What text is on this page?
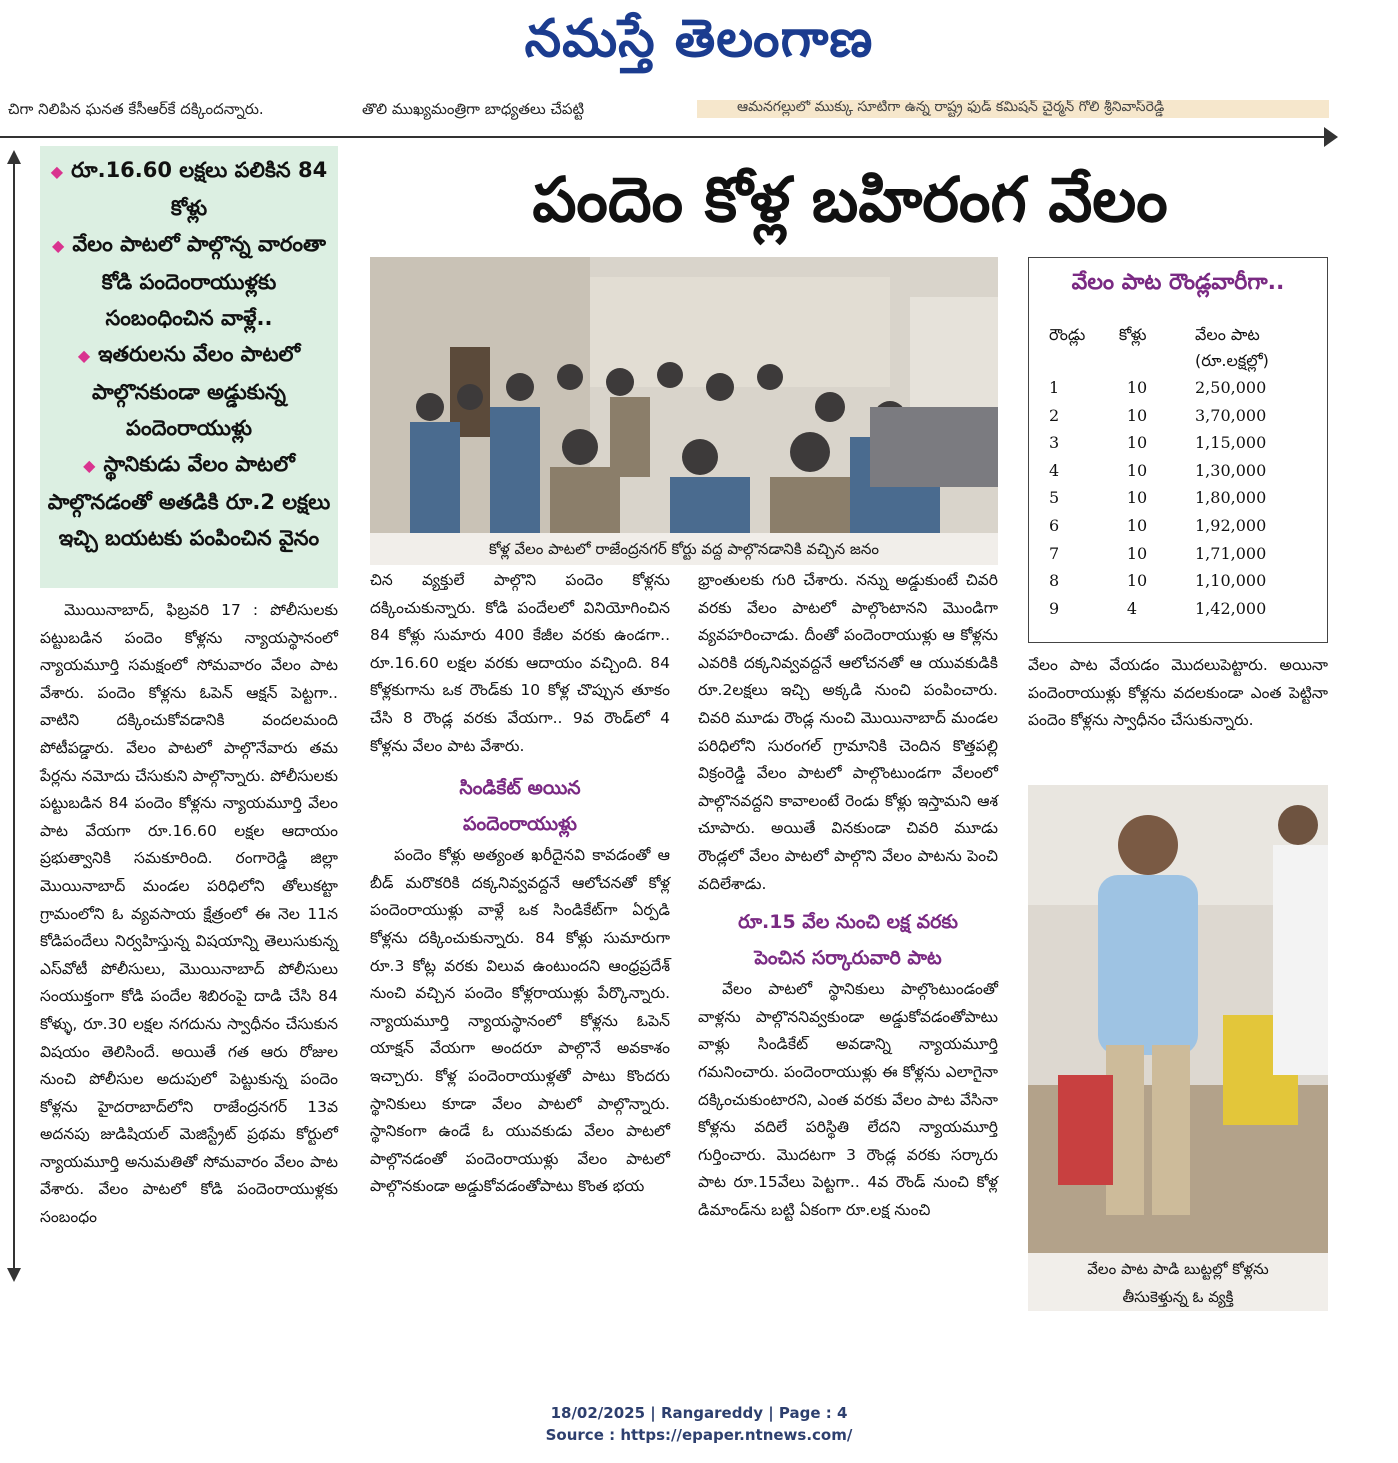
నమస్తే తెలంగాణ
చిగా నిలిపిన ఘనత కేసీఆర్‌కే దక్కిందన్నారు.	తొలి ముఖ్యమంత్రిగా బాధ్యతలు చేపట్టి	ఆమనగల్లులో ముక్కు సూటిగా ఉన్న రాష్ట్ర ఫుడ్ కమిషన్ చైర్మన్ గోలి శ్రీనివాస్‌రెడ్డి
◆ రూ.16.60 లక్షలు పలికిన 84 కోళ్లు
◆ వేలం పాటలో పాల్గొన్న వారంతా కోడి పందెంరాయుళ్లకు సంబంధించిన వాళ్లే..
◆ ఇతరులను వేలం పాటలో పాల్గొనకుండా అడ్డుకున్న పందెంరాయుళ్లు
◆ స్థానికుడు వేలం పాటలో పాల్గొనడంతో అతడికి రూ.2 లక్షలు ఇచ్చి బయటకు పంపించిన వైనం
పందెం కోళ్ల బహిరంగ వేలం
కోళ్ల వేలం పాటలో రాజేంద్రనగర్ కోర్టు వద్ద పాల్గొనడానికి వచ్చిన జనం

మొయినాబాద్, ఫిబ్రవరి 17 : పోలీసులకు పట్టుబడిన పందెం కోళ్లను న్యాయస్థానంలో న్యాయమూర్తి సమక్షంలో సోమవారం వేలం పాట వేశారు. పందెం కోళ్లను ఓపెన్ ఆక్షన్ పెట్టగా.. వాటిని దక్కించుకోవడానికి వందలమంది పోటీపడ్డారు. వేలం పాటలో పాల్గొనేవారు తమ పేర్లను నమోదు చేసుకుని పాల్గొన్నారు. పోలీసులకు పట్టుబడిన 84 పందెం కోళ్లను న్యాయమూర్తి వేలం పాట వేయగా రూ.16.60 లక్షల ఆదాయం ప్రభుత్వానికి సమకూరింది. రంగారెడ్డి జిల్లా మొయినాబాద్ మండల పరిధిలోని తోలుకట్టా గ్రామంలోని ఓ వ్యవసాయ క్షేత్రంలో ఈ నెల 11న కోడిపందేలు నిర్వహిస్తున్న విషయాన్ని తెలుసుకున్న ఎస్‌వోటీ పోలీసులు, మొయినాబాద్ పోలీసులు సంయుక్తంగా కోడి పందేల శిబిరంపై దాడి చేసి 84 కోళ్ళు, రూ.30 లక్షల నగదును స్వాధీనం చేసుకున విషయం తెలిసిందే. అయితే గత ఆరు రోజుల నుంచి పోలీసుల అదుపులో పెట్టుకున్న పందెం కోళ్లను హైదరాబాద్‌లోని రాజేంద్రనగర్ 13వ అదనపు జుడిషియల్ మెజిస్ట్రేట్ ప్రథమ కోర్టులో న్యాయమూర్తి అనుమతితో సోమవారం వేలం పాట వేశారు. వేలం పాటలో కోడి పందెంరాయుళ్లకు సంబంధం

చిన వ్యక్తులే పాల్గొని పందెం కోళ్లను దక్కించుకున్నారు. కోడి పందేలలో వినియోగించిన 84 కోళ్లు సుమారు 400 కేజీల వరకు ఉండగా.. రూ.16.60 లక్షల వరకు ఆదాయం వచ్చింది. 84 కోళ్లకుగాను ఒక రౌండ్‌కు 10 కోళ్ల చొప్పున తూకం చేసి 8 రౌండ్ల వరకు వేయగా.. 9వ రౌండ్‌లో 4 కోళ్లను వేలం పాట వేశారు.

సిండికేట్ అయిన
పందెంరాయుళ్లు

పందెం కోళ్లు అత్యంత ఖరీదైనవి కావడంతో ఆ బీడ్ మరొకరికి దక్కనివ్వవద్దనే ఆలోచనతో కోళ్ల పందెంరాయుళ్లు వాళ్లే ఒక సిండికేట్‌గా ఏర్పడి కోళ్లను దక్కించుకున్నారు. 84 కోళ్లు సుమారుగా రూ.3 కోట్ల వరకు విలువ ఉంటుందని ఆంధ్రప్రదేశ్ నుంచి వచ్చిన పందెం కోళ్లరాయుళ్లు పేర్కొన్నారు. న్యాయమూర్తి న్యాయస్థానంలో కోళ్లను ఓపెన్ యాక్షన్ వేయగా అందరూ పాల్గొనే అవకాశం ఇచ్చారు. కోళ్ల పందెంరాయుళ్లతో పాటు కొందరు స్థానికులు కూడా వేలం పాటలో పాల్గొన్నారు. స్థానికంగా ఉండే ఓ యువకుడు వేలం పాటలో పాల్గొనడంతో పందెంరాయుళ్లు వేలం పాటలో పాల్గొనకుండా అడ్డుకోవడంతోపాటు కొంత భయ

భ్రాంతులకు గురి చేశారు. నన్ను అడ్డుకుంటే చివరి వరకు వేలం పాటలో పాల్గొంటానని మొండిగా వ్యవహరించాడు. దీంతో పందెంరాయుళ్లు ఆ కోళ్లను ఎవరికి దక్కనివ్వవద్దనే ఆలోచనతో ఆ యువకుడికి రూ.2లక్షలు ఇచ్చి అక్కడి నుంచి పంపించారు. చివరి మూడు రౌండ్ల నుంచి మొయినాబాద్ మండల పరిధిలోని సురంగల్ గ్రామానికి చెందిన కొత్తపల్లి విక్రంరెడ్డి వేలం పాటలో పాల్గొంటుండగా వేలంలో పాల్గొనవద్దని కావాలంటే రెండు కోళ్లు ఇస్తామని ఆశ చూపారు. అయితే వినకుండా చివరి మూడు రౌండ్లలో వేలం పాటలో పాల్గొని వేలం పాటను పెంచి వదిలేశాడు.

రూ.15 వేల నుంచి లక్ష వరకు
పెంచిన సర్కారువారి పాట

వేలం పాటలో స్థానికులు పాల్గొంటుండంతో వాళ్లను పాల్గొననివ్వకుండా అడ్డుకోవడంతోపాటు వాళ్లు సిండికేట్ అవడాన్ని న్యాయమూర్తి గమనించారు. పందెంరాయుళ్లు ఈ కోళ్లను ఎలాగైనా దక్కించుకుంటారని, ఎంత వరకు వేలం పాట వేసినా కోళ్లను వదిలే పరిస్థితి లేదని న్యాయమూర్తి గుర్తించారు. మొదటగా 3 రౌండ్ల వరకు సర్కారు పాట రూ.15వేలు పెట్టగా.. 4వ రౌండ్ నుంచి కోళ్ల డిమాండ్‌ను బట్టి ఏకంగా రూ.లక్ష నుంచి

వేలం పాట రౌండ్లవారీగా..
రౌండ్లు	కోళ్లు	వేలం పాట (రూ.లక్షల్లో)
1	10	2,50,000
2	10	3,70,000
3	10	1,15,000
4	10	1,30,000
5	10	1,80,000
6	10	1,92,000
7	10	1,71,000
8	10	1,10,000
9	4	1,42,000

వేలం పాట వేయడం మొదలుపెట్టారు. అయినా పందెంరాయుళ్లు కోళ్లను వదలకుండా ఎంత పెట్టినా పందెం కోళ్లను స్వాధీనం చేసుకున్నారు.

వేలం పాట పాడి బుట్టల్లో కోళ్లను
తీసుకెళ్తున్న ఓ వ్యక్తి
18/02/2025 | Rangareddy | Page : 4
Source : https://epaper.ntnews.com/
